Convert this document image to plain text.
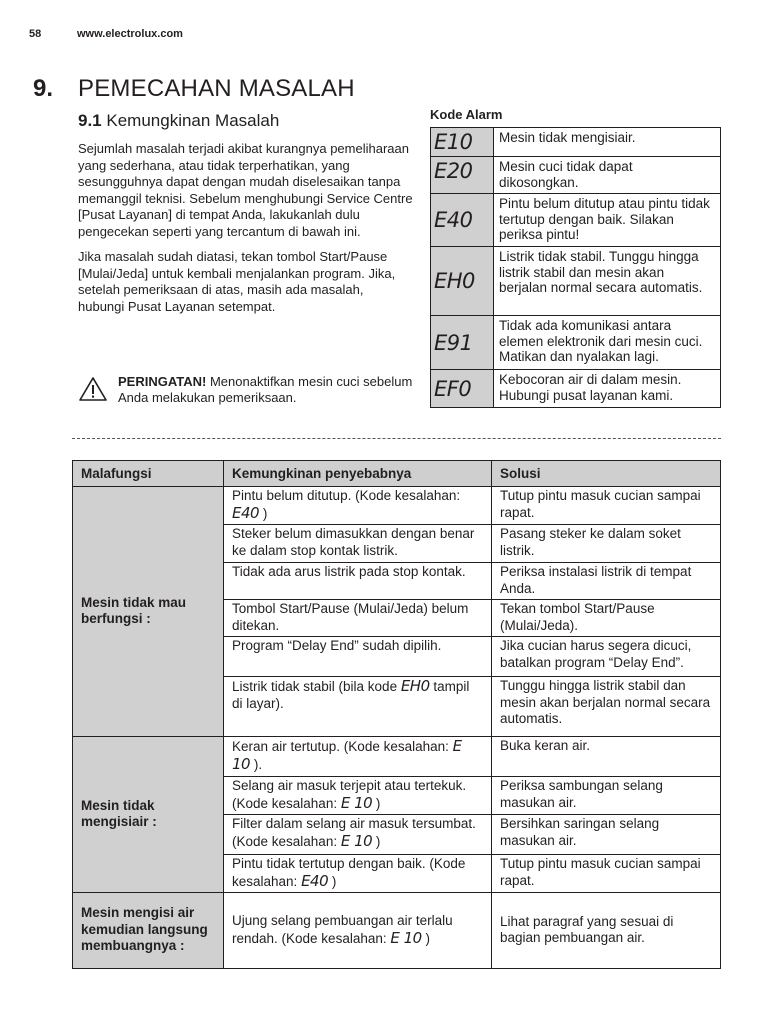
58	www.electrolux.com
9. PEMECAHAN MASALAH
9.1 Kemungkinan Masalah

Sejumlah masalah terjadi akibat kurangnya pemeliharaan yang sederhana, atau tidak terperhatikan, yang sesungguhnya dapat dengan mudah diselesaikan tanpa memanggil teknisi. Sebelum menghubungi Service Centre [Pusat Layanan] di tempat Anda, lakukanlah dulu pengecekan seperti yang tercantum di bawah ini.

Jika masalah sudah diatasi, tekan tombol Start/Pause [Mulai/Jeda] untuk kembali menjalankan program. Jika, setelah pemeriksaan di atas, masih ada masalah, hubungi Pusat Layanan setempat.

PERINGATAN! Menonaktifkan mesin cuci sebelum Anda melakukan pemeriksaan.
Kode Alarm
E10	Mesin tidak mengisiair.
E20	Mesin cuci tidak dapat dikosongkan.
E40	Pintu belum ditutup atau pintu tidak tertutup dengan baik. Silakan periksa pintu!
EH0	Listrik tidak stabil. Tunggu hingga listrik stabil dan mesin akan berjalan normal secara automatis.
E91	Tidak ada komunikasi antara elemen elektronik dari mesin cuci. Matikan dan nyalakan lagi.
EF0	Kebocoran air di dalam mesin. Hubungi pusat layanan kami.
Malafungsi	Kemungkinan penyebabnya	Solusi
Mesin tidak mau berfungsi :	Pintu belum ditutup. (Kode kesalahan: E40 )	Tutup pintu masuk cucian sampai rapat.
	Steker belum dimasukkan dengan benar ke dalam stop kontak listrik.	Pasang steker ke dalam soket listrik.
	Tidak ada arus listrik pada stop kontak.	Periksa instalasi listrik di tempat Anda.
	Tombol Start/Pause (Mulai/Jeda) belum ditekan.	Tekan tombol Start/Pause (Mulai/Jeda).
	Program “Delay End” sudah dipilih.	Jika cucian harus segera dicuci, batalkan program “Delay End”.
	Listrik tidak stabil (bila kode EH0 tampil di layar).	Tunggu hingga listrik stabil dan mesin akan berjalan normal secara automatis.
Mesin tidak mengisiair :	Keran air tertutup. (Kode kesalahan: E 10 ).	Buka keran air.
	Selang air masuk terjepit atau tertekuk. (Kode kesalahan: E 10 )	Periksa sambungan selang masukan air.
	Filter dalam selang air masuk tersumbat. (Kode kesalahan: E 10 )	Bersihkan saringan selang masukan air.
	Pintu tidak tertutup dengan baik. (Kode kesalahan: E40 )	Tutup pintu masuk cucian sampai rapat.
Mesin mengisi air kemudian langsung membuangnya :	Ujung selang pembuangan air terlalu rendah. (Kode kesalahan: E 10 )	Lihat paragraf yang sesuai di bagian pembuangan air.
